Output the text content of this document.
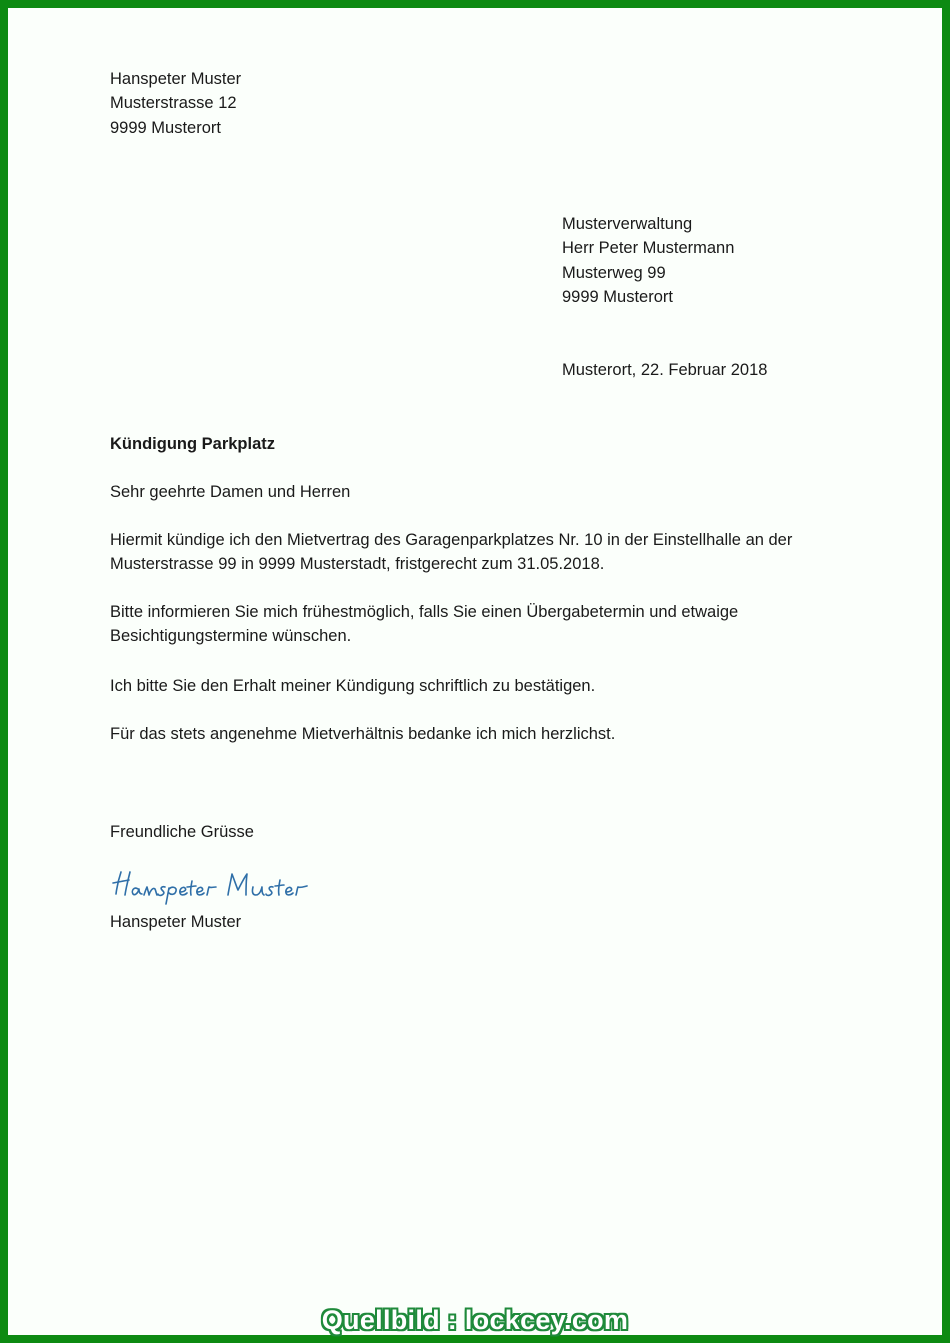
Hanspeter Muster
Musterstrasse 12
9999 Musterort
Musterverwaltung
Herr Peter Mustermann
Musterweg 99
9999 Musterort
Musterort, 22. Februar 2018
Kündigung Parkplatz
Sehr geehrte Damen und Herren
Hiermit kündige ich den Mietvertrag des Garagenparkplatzes Nr. 10 in der Einstellhalle an der
Musterstrasse 99 in 9999 Musterstadt, fristgerecht zum 31.05.2018.
Bitte informieren Sie mich frühestmöglich, falls Sie einen Übergabetermin und etwaige
Besichtigungstermine wünschen.
Ich bitte Sie den Erhalt meiner Kündigung schriftlich zu bestätigen.
Für das stets angenehme Mietverhältnis bedanke ich mich herzlichst.
Freundliche Grüsse
Hanspeter Muster
Quellbild : lockcey.com
